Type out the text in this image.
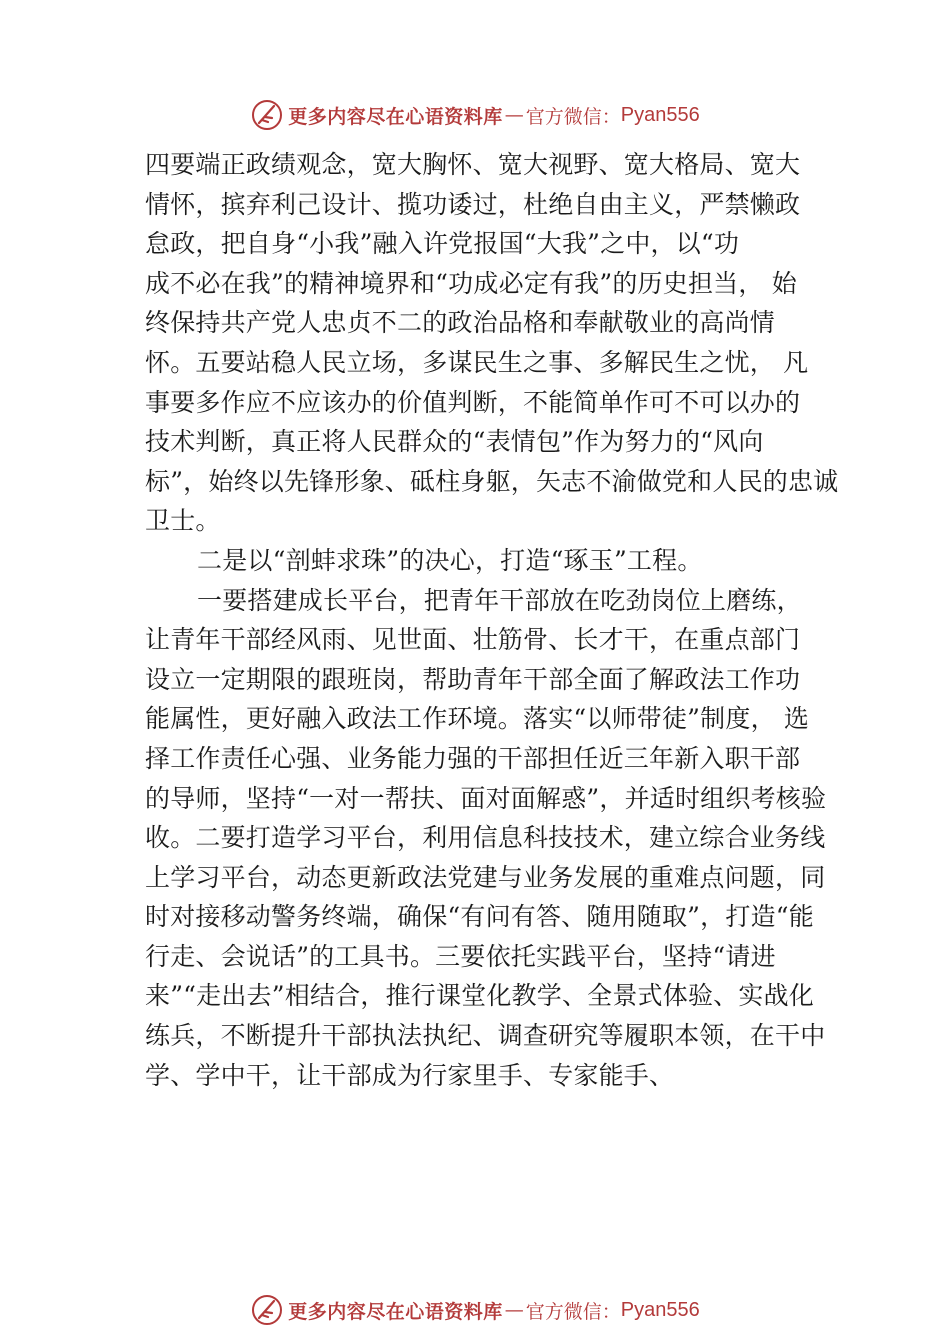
更多内容尽在心语资料库 — 官方微信： Pyan556
四要端正政绩观念，宽大胸怀、宽大视野、宽大格局、宽大
情怀，摈弃利己设计、揽功诿过，杜绝自由主义，严禁懒政
怠政，把自身“小我”融入许党报国“大我”之中，以“功
成不必在我”的精神境界和“功成必定有我”的历史担当， 始
终保持共产党人忠贞不二的政治品格和奉献敬业的高尚情
怀。五要站稳人民立场，多谋民生之事、多解民生之忧， 凡
事要多作应不应该办的价值判断，不能简单作可不可以办的
技术判断，真正将人民群众的“表情包”作为努力的“风向
标”，始终以先锋形象、砥柱身躯，矢志不渝做党和人民的忠诚
卫士。
二是以“剖蚌求珠”的决心，打造“琢玉”工程。
一要搭建成长平台，把青年干部放在吃劲岗位上磨练，
让青年干部经风雨、见世面、壮筋骨、长才干，在重点部门
设立一定期限的跟班岗，帮助青年干部全面了解政法工作功
能属性，更好融入政法工作环境。落实“以师带徒”制度， 选
择工作责任心强、业务能力强的干部担任近三年新入职干部
的导师，坚持“一对一帮扶、面对面解惑”，并适时组织考核验
收。二要打造学习平台，利用信息科技技术，建立综合业务线
上学习平台，动态更新政法党建与业务发展的重难点问题，同
时对接移动警务终端，确保“有问有答、随用随取”，打造“能
行走、会说话”的工具书。三要依托实践平台，坚持“请进
来”“走出去”相结合，推行课堂化教学、全景式体验、实战化
练兵，不断提升干部执法执纪、调查研究等履职本领，在干中
学、学中干，让干部成为行家里手、专家能手、
更多内容尽在心语资料库 — 官方微信： Pyan556
